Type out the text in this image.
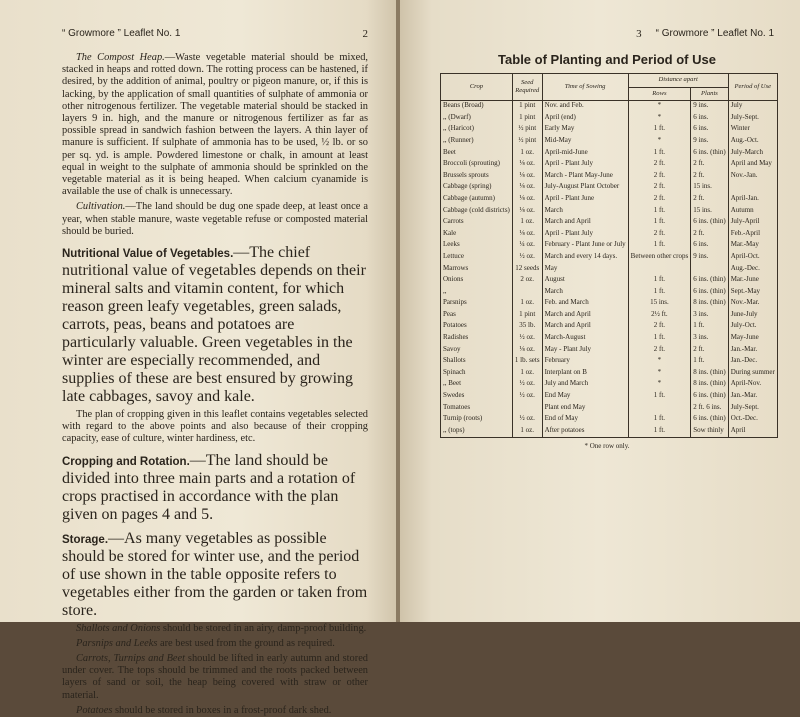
“ Growmore ” Leaflet No. 1	2

The Compost Heap.—Waste vegetable material should be mixed, stacked in heaps and rotted down. The rotting process can be hastened, if desired, by the addition of animal, poultry or pigeon manure, or, if this is lacking, by the application of small quantities of sulphate of ammonia or other nitrogenous fertilizer. The vegetable material should be stacked in layers 9 in. high, and the manure or nitrogenous fertilizer as far as possible spread in sandwich fashion between the layers. A thin layer of manure is sufficient. If sulphate of ammonia has to be used, ½ lb. or so per sq. yd. is ample. Powdered limestone or chalk, in amount at least equal in weight to the sulphate of ammonia should be sprinkled on the vegetable material as it is being heaped. When calcium cyanamide is available the use of chalk is unnecessary.

Cultivation.—The land should be dug one spade deep, at least once a year, when stable manure, waste vegetable refuse or composted material should be buried.

Nutritional Value of Vegetables.—The chief nutritional value of vegetables depends on their mineral salts and vitamin content, for which reason green leafy vegetables, green salads, carrots, peas, beans and potatoes are particularly valuable. Green vegetables in the winter are especially recommended, and supplies of these are best ensured by growing late cabbages, savoy and kale.

The plan of cropping given in this leaflet contains vegetables selected with regard to the above points and also because of their cropping capacity, ease of culture, winter hardiness, etc.

Cropping and Rotation.—The land should be divided into three main parts and a rotation of crops practised in accordance with the plan given on pages 4 and 5.

Storage.—As many vegetables as possible should be stored for winter use, and the period of use shown in the table opposite refers to vegetables either from the garden or taken from store.

Shallots and Onions should be stored in an airy, damp-proof building.

Parsnips and Leeks are best used from the ground as required.

Carrots, Turnips and Beet should be lifted in early autumn and stored under cover. The tops should be trimmed and the roots packed between layers of sand or soil, the heap being covered with straw or other material.

Potatoes should be stored in boxes in a frost-proof dark shed.

3 “ Growmore ” Leaflet No. 1
Table of Planting and Period of Use
Crop	Seed Required	Time of Sowing	Distance apart		Period of Use
			Rows	Plants	
Beans (Broad)	1 pint	Nov. and Feb.	*	9 ins.	July
,, (Dwarf)	1 pint	April (end)	*	6 ins.	July-Sept.
,, (Haricot)	½ pint	Early May	1 ft.	6 ins.	Winter
,, (Runner)	½ pint	Mid-May	*	9 ins.	Aug.-Oct.
Beet	1 oz.	April-mid-June	1 ft.	6 ins. (thin)	July-March
Broccoli (sprouting)	⅛ oz.	April - Plant July	2 ft.	2 ft.	April and May
Brussels sprouts	⅛ oz.	March - Plant May-June	2 ft.	2 ft.	Nov.-Jan.
Cabbage (spring)	⅛ oz.	July-August Plant October	2 ft.	15 ins.	
Cabbage (autumn)	⅛ oz.	April - Plant June	2 ft.	2 ft.	April-Jan.
Cabbage (cold districts)	⅛ oz.	March	1 ft.	15 ins.	Autumn
Carrots	1 oz.	March and April	1 ft.	6 ins. (thin)	July-April
Kale	⅛ oz.	April - Plant July	2 ft.	2 ft.	Feb.-April
Leeks	¼ oz.	February - Plant June or July	1 ft.	6 ins.	Mar.-May
Lettuce	½ oz.	March and every 14 days.	Between other crops	9 ins.	April-Oct.
Marrows	12 seeds	May			Aug.-Dec.
Onions	2 oz.	August	1 ft.	6 ins. (thin)	Mar.-June
,,		March	1 ft.	6 ins. (thin)	Sept.-May
Parsnips	1 oz.	Feb. and March	15 ins.	8 ins. (thin)	Nov.-Mar.
Peas	1 pint	March and April	2½ ft.	3 ins.	June-July
Potatoes	35 lb.	March and April	2 ft.	1 ft.	July-Oct.
Radishes	½ oz.	March-August	1 ft.	3 ins.	May-June
Savoy	⅛ oz.	May - Plant July	2 ft.	2 ft.	Jan.-Mar.
Shallots	1 lb. sets	February	*	1 ft.	Jan.-Dec.
Spinach	1 oz.	Interplant on B	*	8 ins. (thin)	During summer
,, Beet	½ oz.	July and March	*	8 ins. (thin)	April-Nov.
Swedes	½ oz.	End May	1 ft.	6 ins. (thin)	Jan.-Mar.
Tomatoes		Plant end May		2 ft. 6 ins.	July-Sept.
Turnip (roots)	½ oz.	End of May	1 ft.	6 ins. (thin)	Oct.-Dec.
,, (tops)	1 oz.	After potatoes	1 ft.	Sow thinly	April
* One row only.
